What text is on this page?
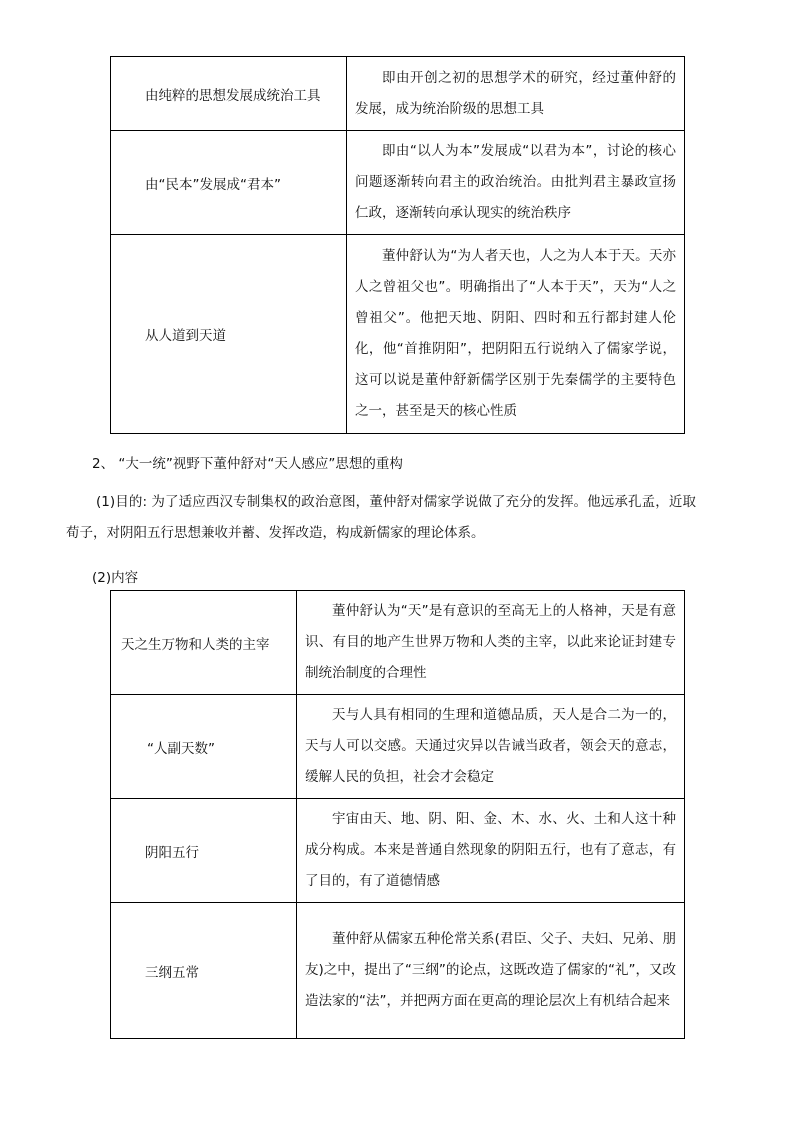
由纯粹的思想发展成统治工具	即由开创之初的思想学术的研究，经过董仲舒的发展，成为统治阶级的思想工具

由“民本”发展成“君本”	即由“以人为本”发展成“以君为本”，讨论的核心问题逐渐转向君主的政治统治。由批判君主暴政宣扬仁政，逐渐转向承认现实的统治秩序

从人道到天道	董仲舒认为“为人者天也，人之为人本于天。天亦人之曾祖父也”。明确指出了“人本于天”，天为“人之曾祖父”。他把天地、阴阳、四时和五行都封建人伦化，他“首推阴阳”，把阴阳五行说纳入了儒家学说，这可以说是董仲舒新儒学区别于先秦儒学的主要特色之一，甚至是天的核心性质

2、 “大一统”视野下董仲舒对“天人感应”思想的重构

(1)目的: 为了适应西汉专制集权的政治意图，董仲舒对儒家学说做了充分的发挥。他远承孔孟，近取荀子，对阴阳五行思想兼收并蓄、发挥改造，构成新儒家的理论体系。

(2)内容

天之生万物和人类的主宰	董仲舒认为“天”是有意识的至高无上的人格神，天是有意识、有目的地产生世界万物和人类的主宰，以此来论证封建专制统治制度的合理性

“人副天数”	天与人具有相同的生理和道德品质，天人是合二为一的，天与人可以交感。天通过灾异以告诫当政者，领会天的意志，缓解人民的负担，社会才会稳定

阴阳五行	宇宙由天、地、阴、阳、金、木、水、火、土和人这十种成分构成。本来是普通自然现象的阴阳五行，也有了意志，有了目的，有了道德情感

三纲五常	董仲舒从儒家五种伦常关系(君臣、父子、夫妇、兄弟、朋友)之中，提出了“三纲”的论点，这既改造了儒家的“礼”，又改造法家的“法”，并把两方面在更高的理论层次上有机结合起来
